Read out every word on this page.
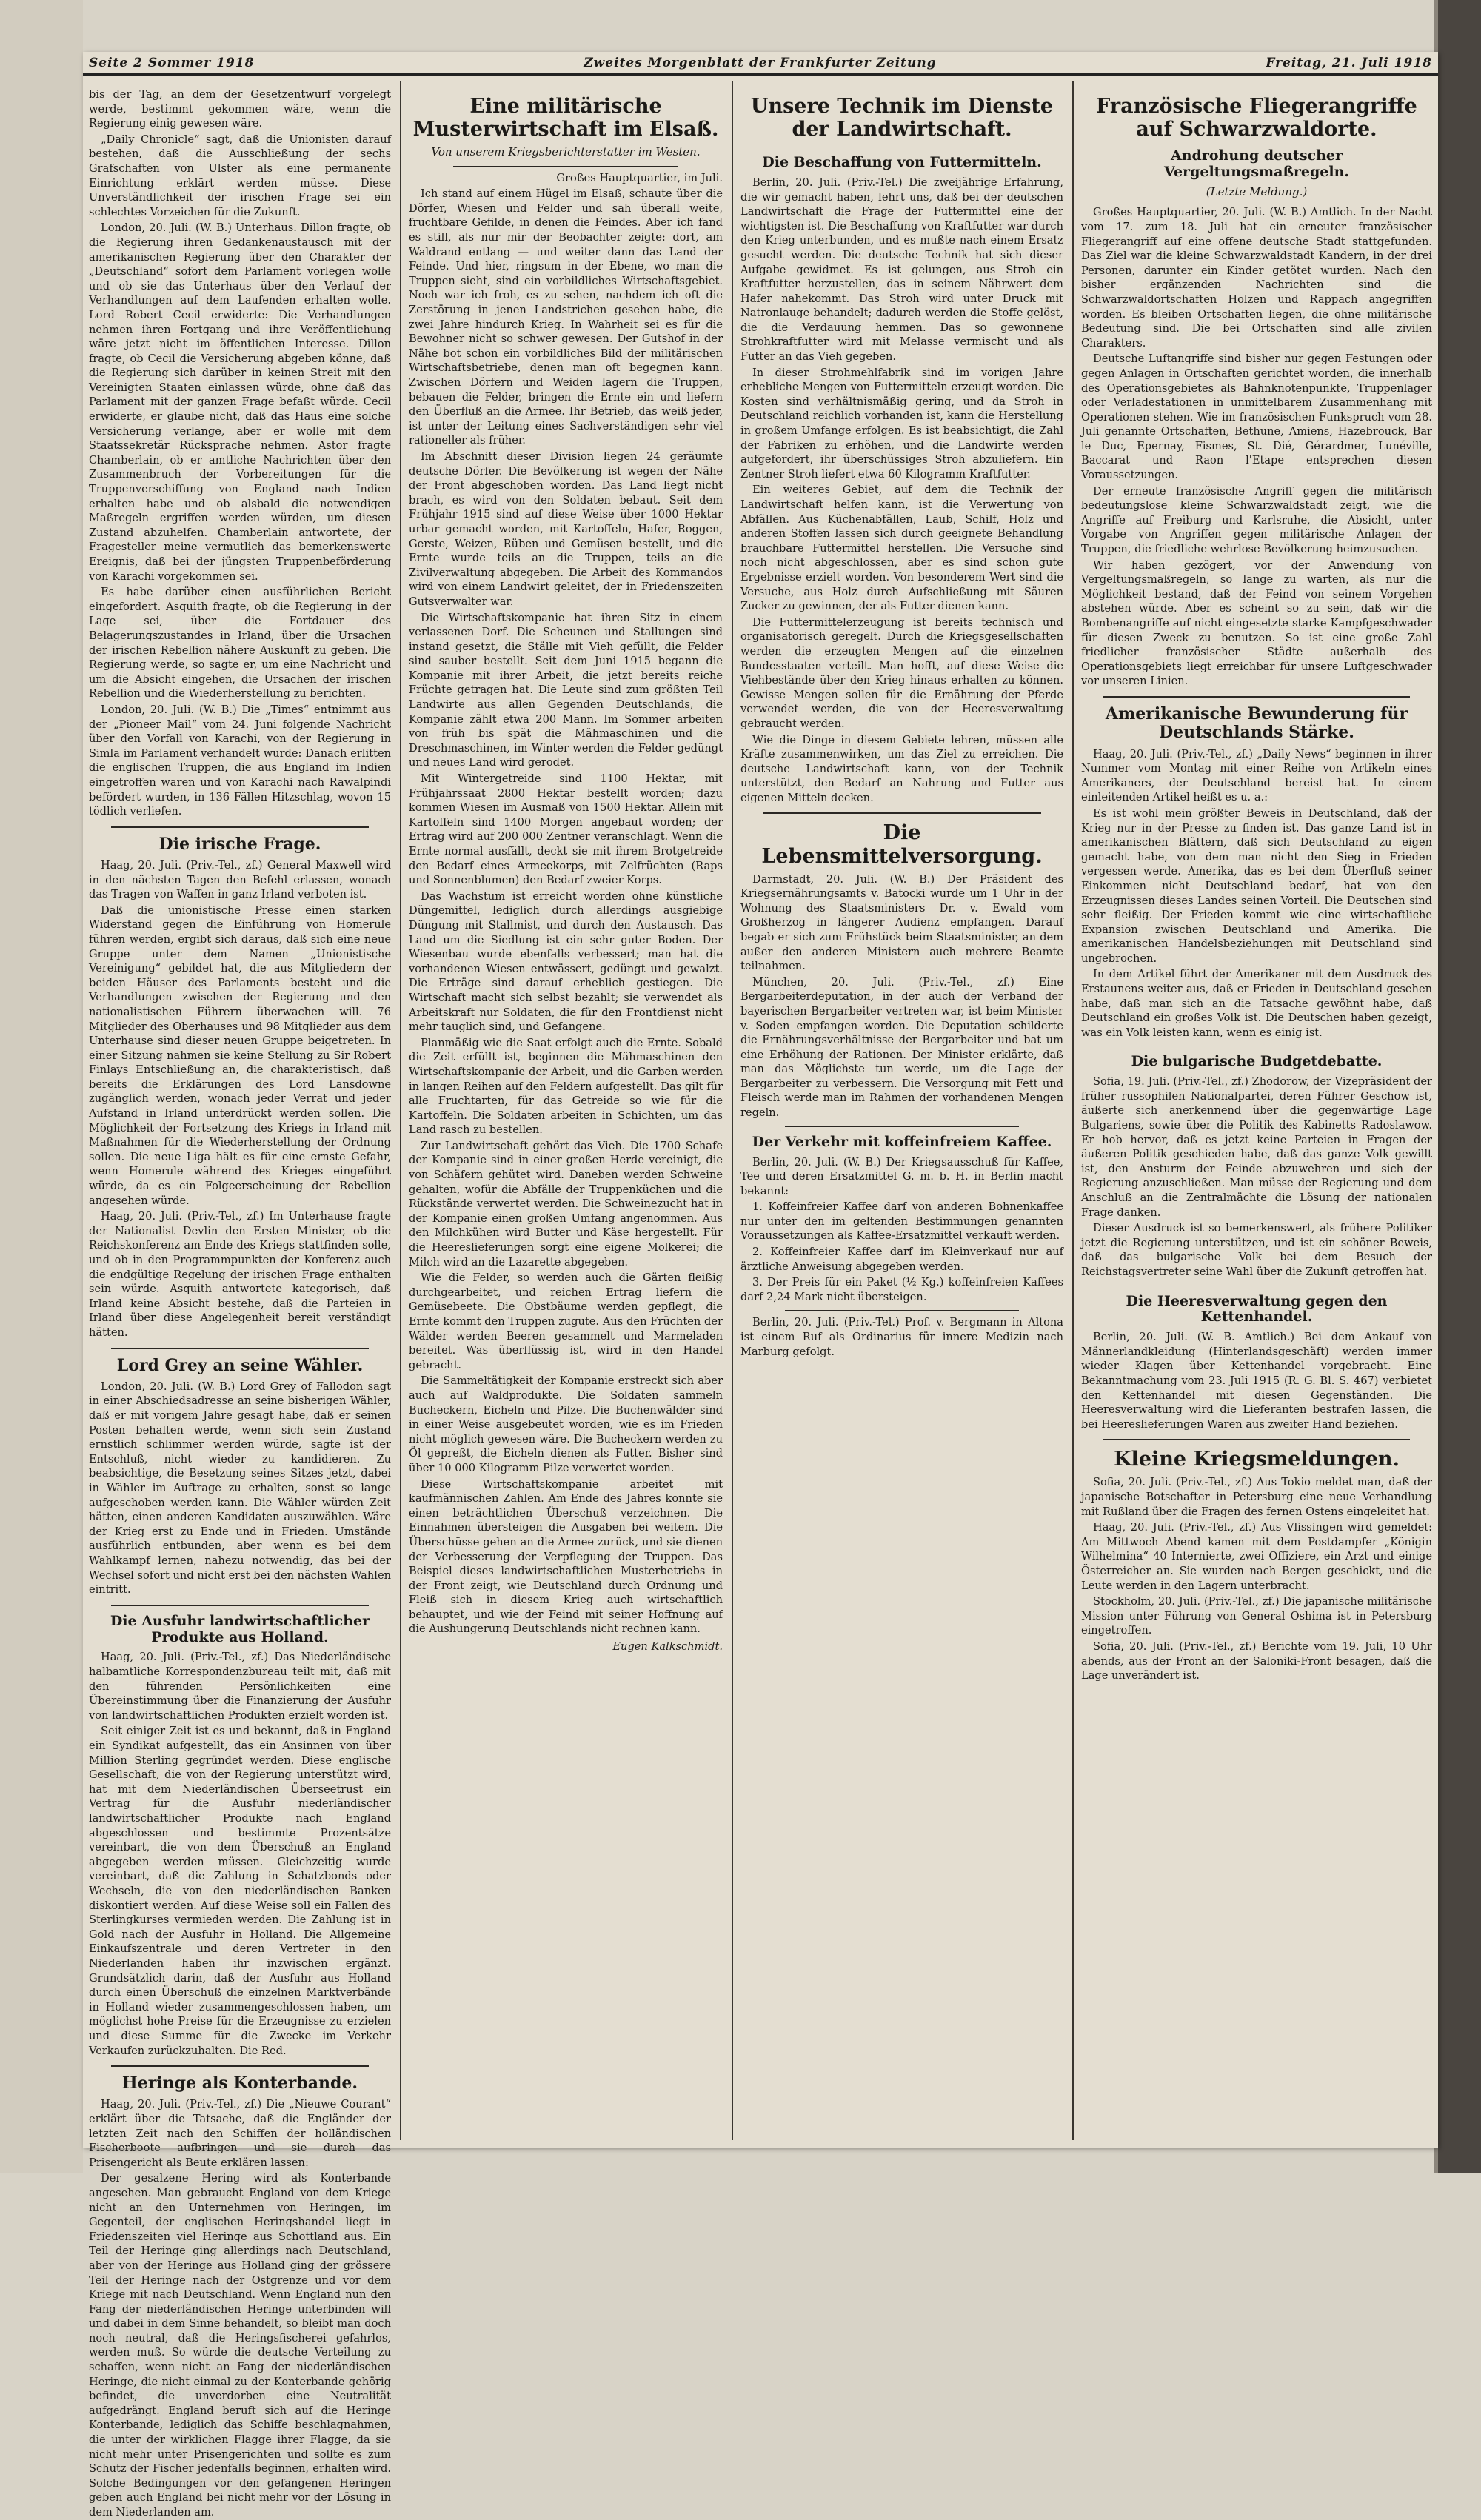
Seite 2 Sommer 1918	Zweites Morgenblatt der Frankfurter Zeitung	Freitag, 21. Juli 1918

bis der Tag, an dem der Gesetzentwurf vorgelegt werde, bestimmt gekommen wäre, wenn die Regierung einig gewesen wäre.

„Daily Chronicle“ sagt, daß die Unionisten darauf bestehen, daß die Ausschließung der sechs Grafschaften von Ulster als eine permanente Einrichtung erklärt werden müsse. Diese Unverständlichkeit der irischen Frage sei ein schlechtes Vorzeichen für die Zukunft.

London, 20. Juli. (W. B.) Unterhaus. Dillon fragte, ob die Regierung ihren Gedankenaustausch mit der amerikanischen Regierung über den Charakter der „Deutschland“ sofort dem Parlament vorlegen wolle und ob sie das Unterhaus über den Verlauf der Verhandlungen auf dem Laufenden erhalten wolle. Lord Robert Cecil erwiderte: Die Verhandlungen nehmen ihren Fortgang und ihre Veröffentlichung wäre jetzt nicht im öffentlichen Interesse. Dillon fragte, ob Cecil die Versicherung abgeben könne, daß die Regierung sich darüber in keinen Streit mit den Vereinigten Staaten einlassen würde, ohne daß das Parlament mit der ganzen Frage befaßt würde. Cecil erwiderte, er glaube nicht, daß das Haus eine solche Versicherung verlange, aber er wolle mit dem Staatssekretär Rücksprache nehmen. Astor fragte Chamberlain, ob er amtliche Nachrichten über den Zusammenbruch der Vorbereitungen für die Truppenverschiffung von England nach Indien erhalten habe und ob alsbald die notwendigen Maßregeln ergriffen werden würden, um diesen Zustand abzuhelfen. Chamberlain antwortete, der Fragesteller meine vermutlich das bemerkenswerte Ereignis, daß bei der jüngsten Truppenbeförderung von Karachi vorgekommen sei.

Es habe darüber einen ausführlichen Bericht eingefordert. Asquith fragte, ob die Regierung in der Lage sei, über die Fortdauer des Belagerungszustandes in Irland, über die Ursachen der irischen Rebellion nähere Auskunft zu geben. Die Regierung werde, so sagte er, um eine Nachricht und um die Absicht eingehen, die Ursachen der irischen Rebellion und die Wiederherstellung zu berichten.

London, 20. Juli. (W. B.) Die „Times“ entnimmt aus der „Pioneer Mail“ vom 24. Juni folgende Nachricht über den Vorfall von Karachi, von der Regierung in Simla im Parlament verhandelt wurde: Danach erlitten die englischen Truppen, die aus England im Indien eingetroffen waren und von Karachi nach Rawalpindi befördert wurden, in 136 Fällen Hitzschlag, wovon 15 tödlich verliefen.

Die irische Frage.

Haag, 20. Juli. (Priv.-Tel., zf.) General Maxwell wird in den nächsten Tagen den Befehl erlassen, wonach das Tragen von Waffen in ganz Irland verboten ist.

Daß die unionistische Presse einen starken Widerstand gegen die Einführung von Homerule führen werden, ergibt sich daraus, daß sich eine neue Gruppe unter dem Namen „Unionistische Vereinigung“ gebildet hat, die aus Mitgliedern der beiden Häuser des Parlaments besteht und die Verhandlungen zwischen der Regierung und den nationalistischen Führern überwachen will. 76 Mitglieder des Oberhauses und 98 Mitglieder aus dem Unterhause sind dieser neuen Gruppe beigetreten. In einer Sitzung nahmen sie keine Stellung zu Sir Robert Finlays Entschließung an, die charakteristisch, daß bereits die Erklärungen des Lord Lansdowne zugänglich werden, wonach jeder Verrat und jeder Aufstand in Irland unterdrückt werden sollen. Die Möglichkeit der Fortsetzung des Kriegs in Irland mit Maßnahmen für die Wiederherstellung der Ordnung sollen. Die neue Liga hält es für eine ernste Gefahr, wenn Homerule während des Krieges eingeführt würde, da es ein Folgeerscheinung der Rebellion angesehen würde.

Haag, 20. Juli. (Priv.-Tel., zf.) Im Unterhause fragte der Nationalist Devlin den Ersten Minister, ob die Reichskonferenz am Ende des Kriegs stattfinden solle, und ob in den Programmpunkten der Konferenz auch die endgültige Regelung der irischen Frage enthalten sein würde. Asquith antwortete kategorisch, daß Irland keine Absicht bestehe, daß die Parteien in Irland über diese Angelegenheit bereit verständigt hätten.

Lord Grey an seine Wähler.

London, 20. Juli. (W. B.) Lord Grey of Fallodon sagt in einer Abschiedsadresse an seine bisherigen Wähler, daß er mit vorigem Jahre gesagt habe, daß er seinen Posten behalten werde, wenn sich sein Zustand ernstlich schlimmer werden würde, sagte ist der Entschluß, nicht wieder zu kandidieren. Zu beabsichtige, die Besetzung seines Sitzes jetzt, dabei in Wähler im Auftrage zu erhalten, sonst so lange aufgeschoben werden kann. Die Wähler würden Zeit hätten, einen anderen Kandidaten auszuwählen. Wäre der Krieg erst zu Ende und in Frieden. Umstände ausführlich entbunden, aber wenn es bei dem Wahlkampf lernen, nahezu notwendig, das bei der Wechsel sofort und nicht erst bei den nächsten Wahlen eintritt.

Die Ausfuhr landwirtschaftlicher Produkte aus Holland.

Haag, 20. Juli. (Priv.-Tel., zf.) Das Niederländische halbamtliche Korrespondenzbureau teilt mit, daß mit den führenden Persönlichkeiten eine Übereinstimmung über die Finanzierung der Ausfuhr von landwirtschaftlichen Produkten erzielt worden ist.

Seit einiger Zeit ist es und bekannt, daß in England ein Syndikat aufgestellt, das ein Ansinnen von über Million Sterling gegründet werden. Diese englische Gesellschaft, die von der Regierung unterstützt wird, hat mit dem Niederländischen Überseetrust ein Vertrag für die Ausfuhr niederländischer landwirtschaftlicher Produkte nach England abgeschlossen und bestimmte Prozentsätze vereinbart, die von dem Überschuß an England abgegeben werden müssen. Gleichzeitig wurde vereinbart, daß die Zahlung in Schatzbonds oder Wechseln, die von den niederländischen Banken diskontiert werden. Auf diese Weise soll ein Fallen des Sterlingkurses vermieden werden. Die Zahlung ist in Gold nach der Ausfuhr in Holland. Die Allgemeine Einkaufszentrale und deren Vertreter in den Niederlanden haben ihr inzwischen ergänzt. Grundsätzlich darin, daß der Ausfuhr aus Holland durch einen Überschuß die einzelnen Marktverbände in Holland wieder zusammengeschlossen haben, um möglichst hohe Preise für die Erzeugnisse zu erzielen und diese Summe für die Zwecke im Verkehr Verkaufen zurückzuhalten. Die Red.

Heringe als Konterbande.

Haag, 20. Juli. (Priv.-Tel., zf.) Die „Nieuwe Courant“ erklärt über die Tatsache, daß die Engländer der letzten Zeit nach den Schiffen der holländischen Fischerboote aufbringen und sie durch das Prisengericht als Beute erklären lassen:

Der gesalzene Hering wird als Konterbande angesehen. Man gebraucht England von dem Kriege nicht an den Unternehmen von Heringen, im Gegenteil, der englischen Heringshandel liegt in Friedenszeiten viel Heringe aus Schottland aus. Ein Teil der Heringe ging allerdings nach Deutschland, aber von der Heringe aus Holland ging der grössere Teil der Heringe nach der Ostgrenze und vor dem Kriege mit nach Deutschland. Wenn England nun den Fang der niederländischen Heringe unterbinden will und dabei in dem Sinne behandelt, so bleibt man doch noch neutral, daß die Heringsfischerei gefahrlos, werden muß. So würde die deutsche Verteilung zu schaffen, wenn nicht an Fang der niederländischen Heringe, die nicht einmal zu der Konterbande gehörig befindet, die unverdorben eine Neutralität aufgedrängt. England beruft sich auf die Heringe Konterbande, lediglich das Schiffe beschlagnahmen, die unter der wirklichen Flagge ihrer Flagge, da sie nicht mehr unter Prisengerichten und sollte es zum Schutz der Fischer jedenfalls beginnen, erhalten wird. Solche Bedingungen vor den gefangenen Heringen geben auch England bei nicht mehr vor der Lösung in dem Niederlanden am.

Eine militärische Musterwirtschaft im Elsaß.
Von unserem Kriegsberichterstatter im Westen.

Großes Hauptquartier, im Juli.

Ich stand auf einem Hügel im Elsaß, schaute über die Dörfer, Wiesen und Felder und sah überall weite, fruchtbare Gefilde, in denen die Feindes. Aber ich fand es still, als nur mir der Beobachter zeigte: dort, am Waldrand entlang — und weiter dann das Land der Feinde. Und hier, ringsum in der Ebene, wo man die Truppen sieht, sind ein vorbildliches Wirtschaftsgebiet. Noch war ich froh, es zu sehen, nachdem ich oft die Zerstörung in jenen Landstrichen gesehen habe, die zwei Jahre hindurch Krieg. In Wahrheit sei es für die Bewohner nicht so schwer gewesen. Der Gutshof in der Nähe bot schon ein vorbildliches Bild der militärischen Wirtschaftsbetriebe, denen man oft begegnen kann. Zwischen Dörfern und Weiden lagern die Truppen, bebauen die Felder, bringen die Ernte ein und liefern den Überfluß an die Armee. Ihr Betrieb, das weiß jeder, ist unter der Leitung eines Sachverständigen sehr viel rationeller als früher.

Im Abschnitt dieser Division liegen 24 geräumte deutsche Dörfer. Die Bevölkerung ist wegen der Nähe der Front abgeschoben worden. Das Land liegt nicht brach, es wird von den Soldaten bebaut. Seit dem Frühjahr 1915 sind auf diese Weise über 1000 Hektar urbar gemacht worden, mit Kartoffeln, Hafer, Roggen, Gerste, Weizen, Rüben und Gemüsen bestellt, und die Ernte wurde teils an die Truppen, teils an die Zivilverwaltung abgegeben. Die Arbeit des Kommandos wird von einem Landwirt geleitet, der in Friedenszeiten Gutsverwalter war.

Die Wirtschaftskompanie hat ihren Sitz in einem verlassenen Dorf. Die Scheunen und Stallungen sind instand gesetzt, die Ställe mit Vieh gefüllt, die Felder sind sauber bestellt. Seit dem Juni 1915 begann die Kompanie mit ihrer Arbeit, die jetzt bereits reiche Früchte getragen hat. Die Leute sind zum größten Teil Landwirte aus allen Gegenden Deutschlands, die Kompanie zählt etwa 200 Mann. Im Sommer arbeiten von früh bis spät die Mähmaschinen und die Dreschmaschinen, im Winter werden die Felder gedüngt und neues Land wird gerodet.

Mit Wintergetreide sind 1100 Hektar, mit Frühjahrssaat 2800 Hektar bestellt worden; dazu kommen Wiesen im Ausmaß von 1500 Hektar. Allein mit Kartoffeln sind 1400 Morgen angebaut worden; der Ertrag wird auf 200 000 Zentner veranschlagt. Wenn die Ernte normal ausfällt, deckt sie mit ihrem Brotgetreide den Bedarf eines Armeekorps, mit Zelfrüchten (Raps und Sonnenblumen) den Bedarf zweier Korps.

Das Wachstum ist erreicht worden ohne künstliche Düngemittel, lediglich durch allerdings ausgiebige Düngung mit Stallmist, und durch den Austausch. Das Land um die Siedlung ist ein sehr guter Boden. Der Wiesenbau wurde ebenfalls verbessert; man hat die vorhandenen Wiesen entwässert, gedüngt und gewalzt. Die Erträge sind darauf erheblich gestiegen. Die Wirtschaft macht sich selbst bezahlt; sie verwendet als Arbeitskraft nur Soldaten, die für den Frontdienst nicht mehr tauglich sind, und Gefangene.

Planmäßig wie die Saat erfolgt auch die Ernte. Sobald die Zeit erfüllt ist, beginnen die Mähmaschinen den Wirtschaftskompanie der Arbeit, und die Garben werden in langen Reihen auf den Feldern aufgestellt. Das gilt für alle Fruchtarten, für das Getreide so wie für die Kartoffeln. Die Soldaten arbeiten in Schichten, um das Land rasch zu bestellen.

Zur Landwirtschaft gehört das Vieh. Die 1700 Schafe der Kompanie sind in einer großen Herde vereinigt, die von Schäfern gehütet wird. Daneben werden Schweine gehalten, wofür die Abfälle der Truppenküchen und die Rückstände verwertet werden. Die Schweinezucht hat in der Kompanie einen großen Umfang angenommen. Aus den Milchkühen wird Butter und Käse hergestellt. Für die Heereslieferungen sorgt eine eigene Molkerei; die Milch wird an die Lazarette abgegeben.

Wie die Felder, so werden auch die Gärten fleißig durchgearbeitet, und reichen Ertrag liefern die Gemüsebeete. Die Obstbäume werden gepflegt, die Ernte kommt den Truppen zugute. Aus den Früchten der Wälder werden Beeren gesammelt und Marmeladen bereitet. Was überflüssig ist, wird in den Handel gebracht.

Die Sammeltätigkeit der Kompanie erstreckt sich aber auch auf Waldprodukte. Die Soldaten sammeln Bucheckern, Eicheln und Pilze. Die Buchenwälder sind in einer Weise ausgebeutet worden, wie es im Frieden nicht möglich gewesen wäre. Die Bucheckern werden zu Öl gepreßt, die Eicheln dienen als Futter. Bisher sind über 10 000 Kilogramm Pilze verwertet worden.

Diese Wirtschaftskompanie arbeitet mit kaufmännischen Zahlen. Am Ende des Jahres konnte sie einen beträchtlichen Überschuß verzeichnen. Die Einnahmen übersteigen die Ausgaben bei weitem. Die Überschüsse gehen an die Armee zurück, und sie dienen der Verbesserung der Verpflegung der Truppen. Das Beispiel dieses landwirtschaftlichen Musterbetriebs in der Front zeigt, wie Deutschland durch Ordnung und Fleiß sich in diesem Krieg auch wirtschaftlich behauptet, und wie der Feind mit seiner Hoffnung auf die Aushungerung Deutschlands nicht rechnen kann.

Eugen Kalkschmidt.
Unsere Technik im Dienste der Landwirtschaft.
Die Beschaffung von Futtermitteln.

Berlin, 20. Juli. (Priv.-Tel.) Die zweijährige Erfahrung, die wir gemacht haben, lehrt uns, daß bei der deutschen Landwirtschaft die Frage der Futtermittel eine der wichtigsten ist. Die Beschaffung von Kraftfutter war durch den Krieg unterbunden, und es mußte nach einem Ersatz gesucht werden. Die deutsche Technik hat sich dieser Aufgabe gewidmet. Es ist gelungen, aus Stroh ein Kraftfutter herzustellen, das in seinem Nährwert dem Hafer nahekommt. Das Stroh wird unter Druck mit Natronlauge behandelt; dadurch werden die Stoffe gelöst, die die Verdauung hemmen. Das so gewonnene Strohkraftfutter wird mit Melasse vermischt und als Futter an das Vieh gegeben.

In dieser Strohmehlfabrik sind im vorigen Jahre erhebliche Mengen von Futtermitteln erzeugt worden. Die Kosten sind verhältnismäßig gering, und da Stroh in Deutschland reichlich vorhanden ist, kann die Herstellung in großem Umfange erfolgen. Es ist beabsichtigt, die Zahl der Fabriken zu erhöhen, und die Landwirte werden aufgefordert, ihr überschüssiges Stroh abzuliefern. Ein Zentner Stroh liefert etwa 60 Kilogramm Kraftfutter.

Ein weiteres Gebiet, auf dem die Technik der Landwirtschaft helfen kann, ist die Verwertung von Abfällen. Aus Küchenabfällen, Laub, Schilf, Holz und anderen Stoffen lassen sich durch geeignete Behandlung brauchbare Futtermittel herstellen. Die Versuche sind noch nicht abgeschlossen, aber es sind schon gute Ergebnisse erzielt worden. Von besonderem Wert sind die Versuche, aus Holz durch Aufschließung mit Säuren Zucker zu gewinnen, der als Futter dienen kann.

Die Futtermittelerzeugung ist bereits technisch und organisatorisch geregelt. Durch die Kriegsgesellschaften werden die erzeugten Mengen auf die einzelnen Bundesstaaten verteilt. Man hofft, auf diese Weise die Viehbestände über den Krieg hinaus erhalten zu können. Gewisse Mengen sollen für die Ernährung der Pferde verwendet werden, die von der Heeresverwaltung gebraucht werden.

Wie die Dinge in diesem Gebiete lehren, müssen alle Kräfte zusammenwirken, um das Ziel zu erreichen. Die deutsche Landwirtschaft kann, von der Technik unterstützt, den Bedarf an Nahrung und Futter aus eigenen Mitteln decken.

Die Lebensmittelversorgung.

Darmstadt, 20. Juli. (W. B.) Der Präsident des Kriegsernährungsamts v. Batocki wurde um 1 Uhr in der Wohnung des Staatsministers Dr. v. Ewald vom Großherzog in längerer Audienz empfangen. Darauf begab er sich zum Frühstück beim Staatsminister, an dem außer den anderen Ministern auch mehrere Beamte teilnahmen.

München, 20. Juli. (Priv.-Tel., zf.) Eine Bergarbeiterdeputation, in der auch der Verband der bayerischen Bergarbeiter vertreten war, ist beim Minister v. Soden empfangen worden. Die Deputation schilderte die Ernährungsverhältnisse der Bergarbeiter und bat um eine Erhöhung der Rationen. Der Minister erklärte, daß man das Möglichste tun werde, um die Lage der Bergarbeiter zu verbessern. Die Versorgung mit Fett und Fleisch werde man im Rahmen der vorhandenen Mengen regeln.

Der Verkehr mit koffeinfreiem Kaffee.

Berlin, 20. Juli. (W. B.) Der Kriegsausschuß für Kaffee, Tee und deren Ersatzmittel G. m. b. H. in Berlin macht bekannt:

1. Koffeinfreier Kaffee darf von anderen Bohnenkaffee nur unter den im geltenden Bestimmungen genannten Voraussetzungen als Kaffee-Ersatzmittel verkauft werden.

2. Koffeinfreier Kaffee darf im Kleinverkauf nur auf ärztliche Anweisung abgegeben werden.

3. Der Preis für ein Paket (½ Kg.) koffeinfreien Kaffees darf 2,24 Mark nicht übersteigen.

Berlin, 20. Juli. (Priv.-Tel.) Prof. v. Bergmann in Altona ist einem Ruf als Ordinarius für innere Medizin nach Marburg gefolgt.

Französische Fliegerangriffe auf Schwarzwaldorte.
Androhung deutscher Vergeltungsmaßregeln.
(Letzte Meldung.)

Großes Hauptquartier, 20. Juli. (W. B.) Amtlich. In der Nacht vom 17. zum 18. Juli hat ein erneuter französischer Fliegerangriff auf eine offene deutsche Stadt stattgefunden. Das Ziel war die kleine Schwarzwaldstadt Kandern, in der drei Personen, darunter ein Kinder getötet wurden. Nach den bisher ergänzenden Nachrichten sind die Schwarzwaldortschaften Holzen und Rappach angegriffen worden. Es bleiben Ortschaften liegen, die ohne militärische Bedeutung sind. Die bei Ortschaften sind alle zivilen Charakters.

Deutsche Luftangriffe sind bisher nur gegen Festungen oder gegen Anlagen in Ortschaften gerichtet worden, die innerhalb des Operationsgebietes als Bahnknotenpunkte, Truppenlager oder Verladestationen in unmittelbarem Zusammenhang mit Operationen stehen. Wie im französischen Funkspruch vom 28. Juli genannte Ortschaften, Bethune, Amiens, Hazebrouck, Bar le Duc, Epernay, Fismes, St. Dié, Gérardmer, Lunéville, Baccarat und Raon l'Etape entsprechen diesen Voraussetzungen.

Der erneute französische Angriff gegen die militärisch bedeutungslose kleine Schwarzwaldstadt zeigt, wie die Angriffe auf Freiburg und Karlsruhe, die Absicht, unter Vorgabe von Angriffen gegen militärische Anlagen der Truppen, die friedliche wehrlose Bevölkerung heimzusuchen.

Wir haben gezögert, vor der Anwendung von Vergeltungsmaßregeln, so lange zu warten, als nur die Möglichkeit bestand, daß der Feind von seinem Vorgehen abstehen würde. Aber es scheint so zu sein, daß wir die Bombenangriffe auf nicht eingesetzte starke Kampfgeschwader für diesen Zweck zu benutzen. So ist eine große Zahl friedlicher französischer Städte außerhalb des Operationsgebiets liegt erreichbar für unsere Luftgeschwader vor unseren Linien.

Amerikanische Bewunderung für Deutschlands Stärke.

Haag, 20. Juli. (Priv.-Tel., zf.) „Daily News“ beginnen in ihrer Nummer vom Montag mit einer Reihe von Artikeln eines Amerikaners, der Deutschland bereist hat. In einem einleitenden Artikel heißt es u. a.:

Es ist wohl mein größter Beweis in Deutschland, daß der Krieg nur in der Presse zu finden ist. Das ganze Land ist in amerikanischen Blättern, daß sich Deutschland zu eigen gemacht habe, von dem man nicht den Sieg in Frieden vergessen werde. Amerika, das es bei dem Überfluß seiner Einkommen nicht Deutschland bedarf, hat von den Erzeugnissen dieses Landes seinen Vorteil. Die Deutschen sind sehr fleißig. Der Frieden kommt wie eine wirtschaftliche Expansion zwischen Deutschland und Amerika. Die amerikanischen Handelsbeziehungen mit Deutschland sind ungebrochen.

In dem Artikel führt der Amerikaner mit dem Ausdruck des Erstaunens weiter aus, daß er Frieden in Deutschland gesehen habe, daß man sich an die Tatsache gewöhnt habe, daß Deutschland ein großes Volk ist. Die Deutschen haben gezeigt, was ein Volk leisten kann, wenn es einig ist.

Die bulgarische Budgetdebatte.

Sofia, 19. Juli. (Priv.-Tel., zf.) Zhodorow, der Vizepräsident der früher russophilen Nationalpartei, deren Führer Geschow ist, äußerte sich anerkennend über die gegenwärtige Lage Bulgariens, sowie über die Politik des Kabinetts Radoslawow. Er hob hervor, daß es jetzt keine Parteien in Fragen der äußeren Politik geschieden habe, daß das ganze Volk gewillt ist, den Ansturm der Feinde abzuwehren und sich der Regierung anzuschließen. Man müsse der Regierung und dem Anschluß an die Zentralmächte die Lösung der nationalen Frage danken.

Dieser Ausdruck ist so bemerkenswert, als frühere Politiker jetzt die Regierung unterstützen, und ist ein schöner Beweis, daß das bulgarische Volk bei dem Besuch der Reichstagsvertreter seine Wahl über die Zukunft getroffen hat.

Die Heeresverwaltung gegen den Kettenhandel.

Berlin, 20. Juli. (W. B. Amtlich.) Bei dem Ankauf von Männerlandkleidung (Hinterlandsgeschäft) werden immer wieder Klagen über Kettenhandel vorgebracht. Eine Bekanntmachung vom 23. Juli 1915 (R. G. Bl. S. 467) verbietet den Kettenhandel mit diesen Gegenständen. Die Heeresverwaltung wird die Lieferanten bestrafen lassen, die bei Heereslieferungen Waren aus zweiter Hand beziehen.

Kleine Kriegsmeldungen.

Sofia, 20. Juli. (Priv.-Tel., zf.) Aus Tokio meldet man, daß der japanische Botschafter in Petersburg eine neue Verhandlung mit Rußland über die Fragen des fernen Ostens eingeleitet hat.

Haag, 20. Juli. (Priv.-Tel., zf.) Aus Vlissingen wird gemeldet: Am Mittwoch Abend kamen mit dem Postdampfer „Königin Wilhelmina“ 40 Internierte, zwei Offiziere, ein Arzt und einige Österreicher an. Sie wurden nach Bergen geschickt, und die Leute werden in den Lagern unterbracht.

Stockholm, 20. Juli. (Priv.-Tel., zf.) Die japanische militärische Mission unter Führung von General Oshima ist in Petersburg eingetroffen.

Sofia, 20. Juli. (Priv.-Tel., zf.) Berichte vom 19. Juli, 10 Uhr abends, aus der Front an der Saloniki-Front besagen, daß die Lage unverändert ist.
